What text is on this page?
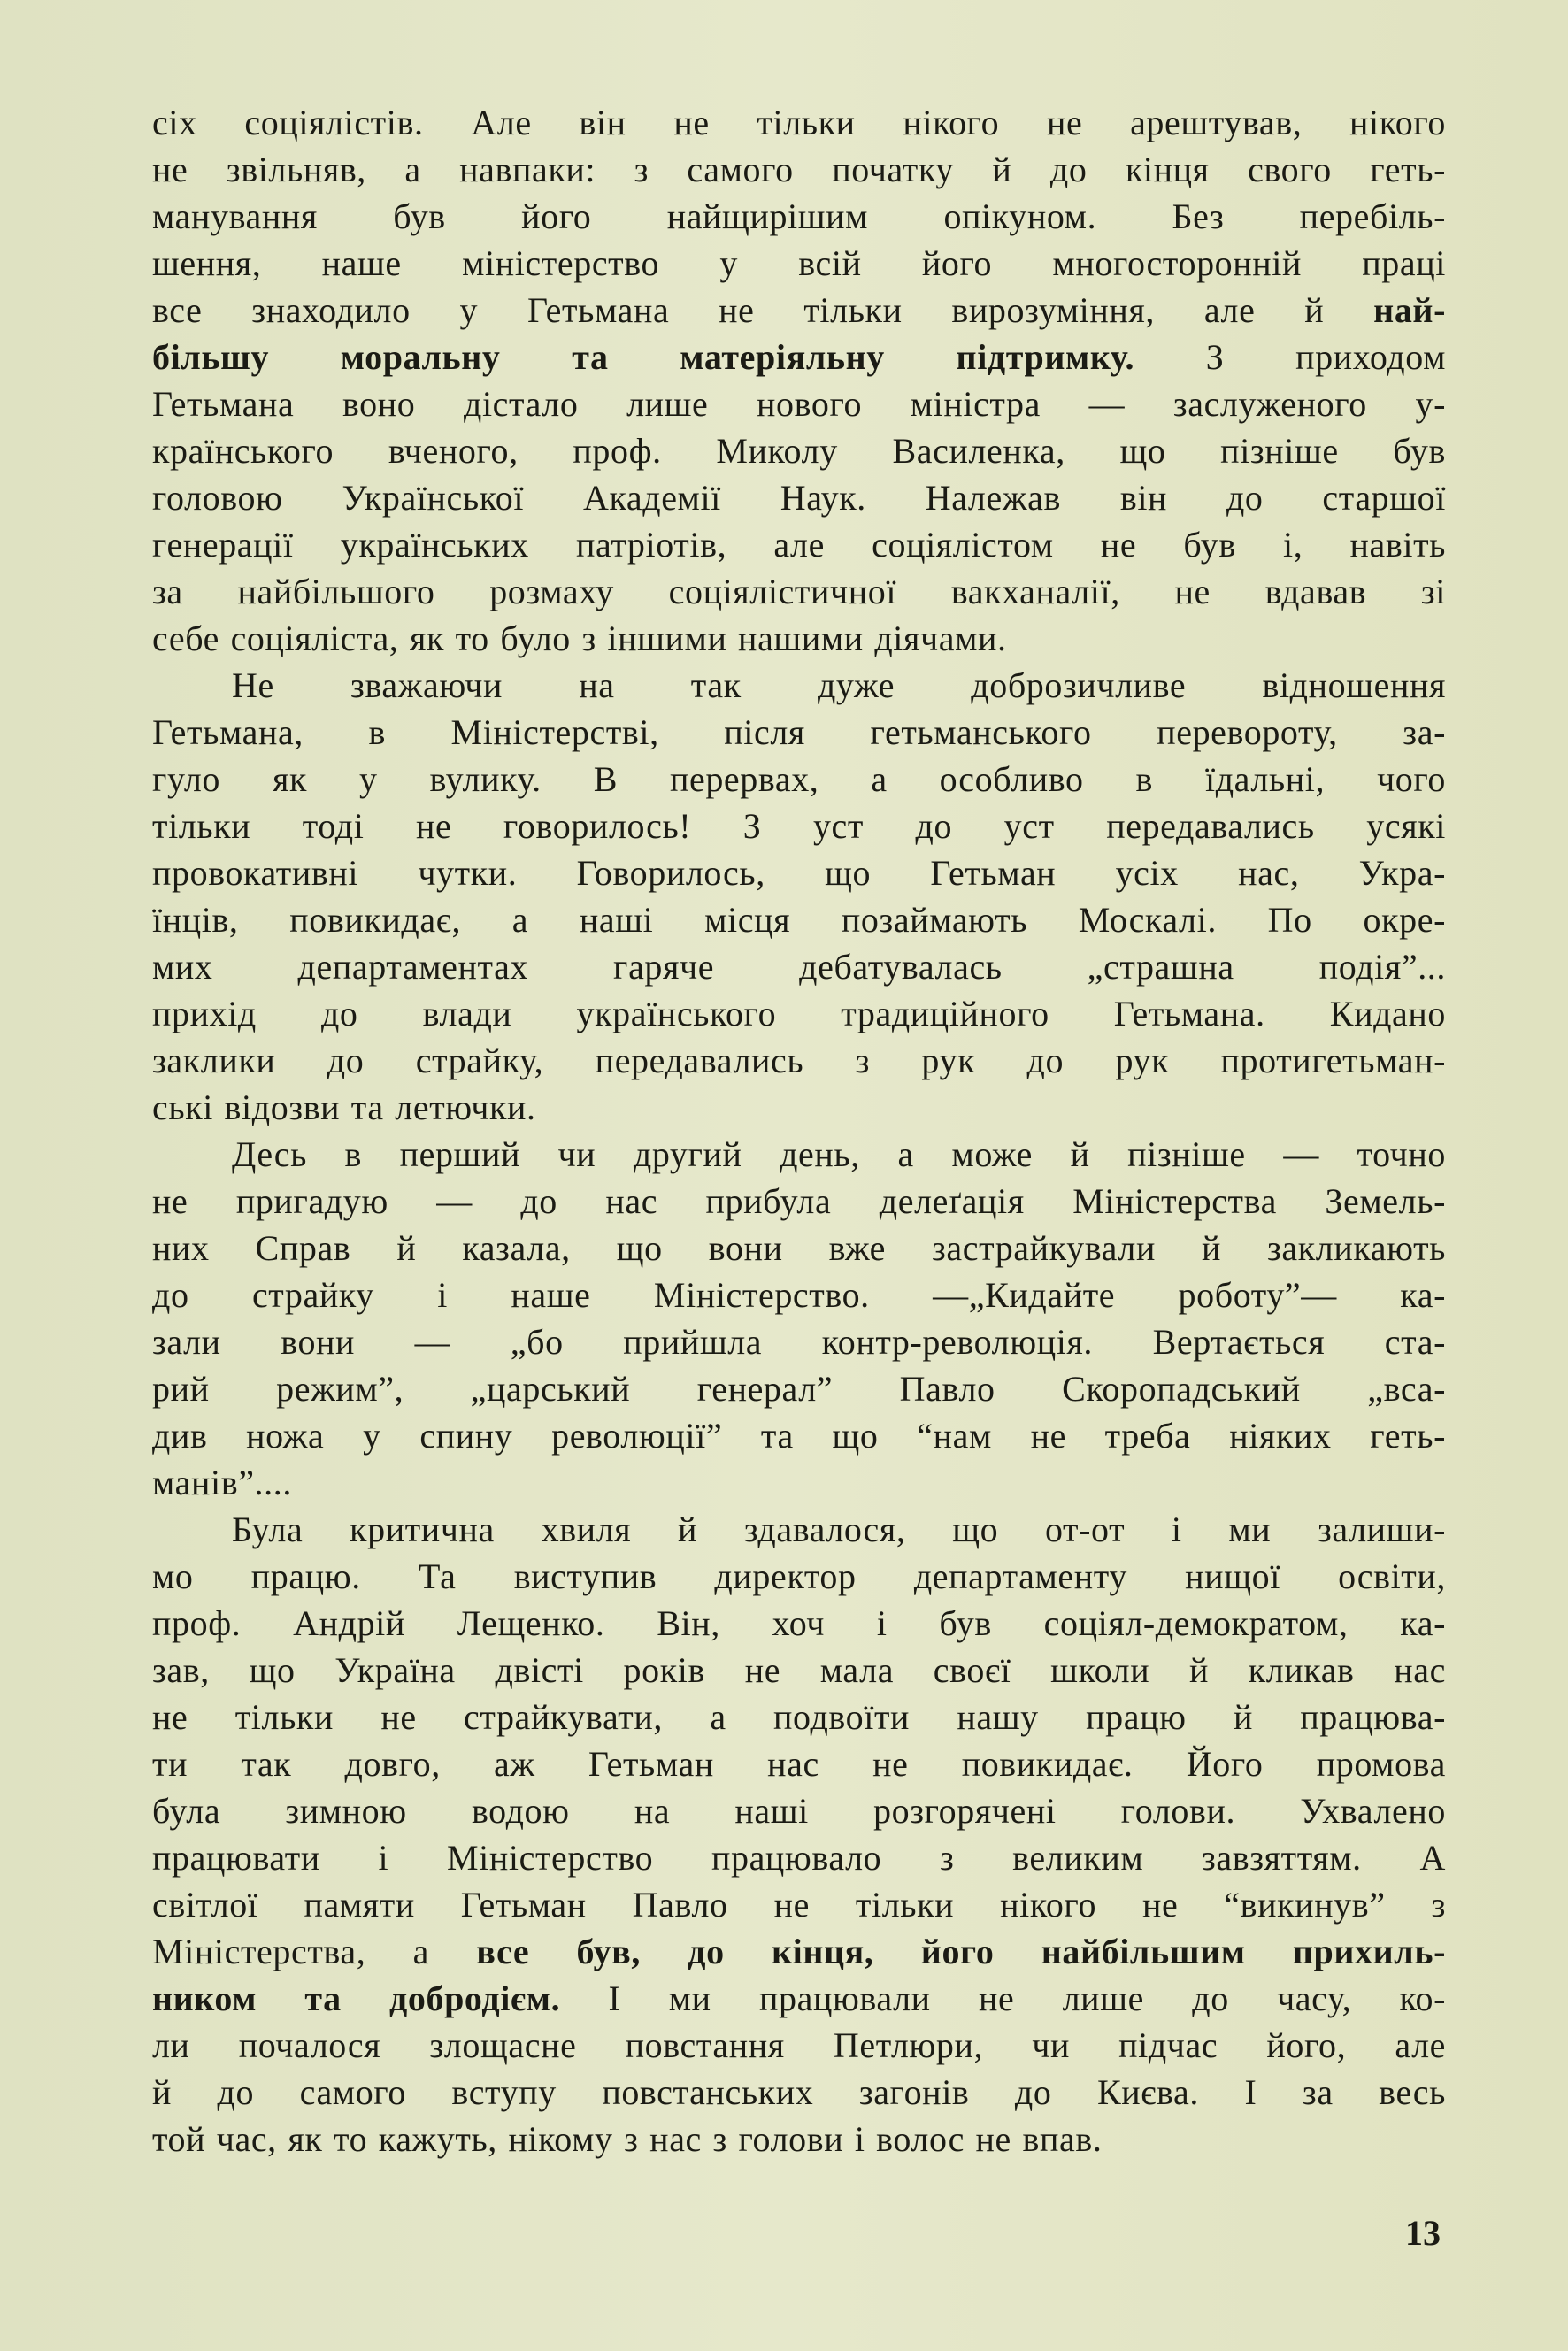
сіх соціялістів. Але він не тільки нікого не арештував, нікого
не звільняв, а навпаки: з самого початку й до кінця свого геть-
манування був його найщирішим опікуном. Без перебіль-
шення, наше міністерство у всій його многосторонній праці
все знаходило у Гетьмана не тільки вирозуміння, але й най-
більшу моральну та матеріяльну підтримку. З приходом
Гетьмана воно дістало лише нового міністра — заслуженого у-
країнського вченого, проф. Миколу Василенка, що пізніше був
головою Української Академії Наук. Належав він до старшої
генерації українських патріотів, але соціялістом не був і, навіть
за найбільшого розмаху соціялістичної вакханалії, не вдавав зі
себе соціяліста, як то було з іншими нашими діячами.
Не зважаючи на так дуже доброзичливе відношення
Гетьмана, в Міністерстві, після гетьманського перевороту, за-
гуло як у вулику. В перервах, а особливо в їдальні, чого
тільки тоді не говорилось! З уст до уст передавались усякі
провокативні чутки. Говорилось, що Гетьман усіх нас, Укра-
їнців, повикидає, а наші місця позаймають Москалі. По окре-
мих департаментах гаряче дебатувалась „страшна подія”...
прихід до влади українського традиційного Гетьмана. Кидано
заклики до страйку, передавались з рук до рук протигетьман-
ські відозви та летючки.
Десь в перший чи другий день, а може й пізніше — точно
не пригадую — до нас прибула делеґація Міністерства Земель-
них Справ й казала, що вони вже застрайкували й закликають
до страйку і наше Міністерство. —„Кидайте роботу”— ка-
зали вони — „бо прийшла контр-революція. Вертається ста-
рий режим”, „царський генерал” Павло Скоропадський „вса-
див ножа у спину революції” та що “нам не треба ніяких геть-
манів”....
Була критична хвиля й здавалося, що от-от і ми залиши-
мо працю. Та виступив директор департаменту нищої освіти,
проф. Андрій Лещенко. Він, хоч і був соціял-демократом, ка-
зав, що Україна двісті років не мала своєї школи й кликав нас
не тільки не страйкувати, а подвоїти нашу працю й працюва-
ти так довго, аж Гетьман нас не повикидає. Його промова
була зимною водою на наші розгорячені голови. Ухвалено
працювати і Міністерство працювало з великим завзяттям. А
світлої памяти Гетьман Павло не тільки нікого не “викинув” з
Міністерства, а все був, до кінця, його найбільшим прихиль-
ником та добродієм. І ми працювали не лише до часу, ко-
ли почалося злощасне повстання Петлюри, чи підчас його, але
й до самого вступу повстанських загонів до Києва. І за весь
той час, як то кажуть, нікому з нас з голови і волос не впав.
13
